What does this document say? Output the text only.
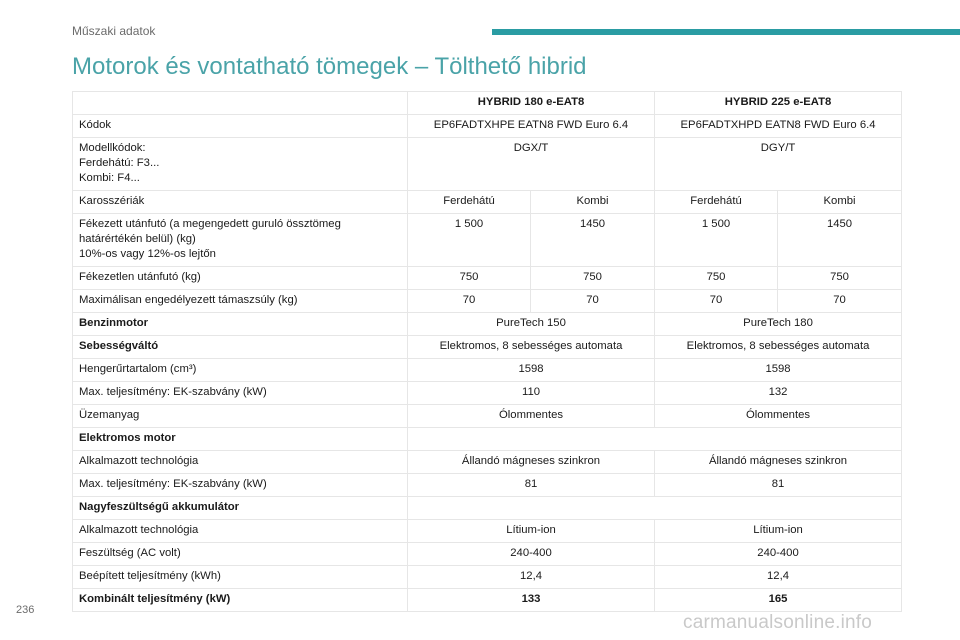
Műszaki adatok
Motorok és vontatható tömegek – Tölthető hibrid
	HYBRID 180 e-EAT8		HYBRID 225 e-EAT8	
Kódok	EP6FADTXHPE EATN8 FWD Euro 6.4		EP6FADTXHPD EATN8 FWD Euro 6.4	

Modellkódok:
Ferdehátú: F3...
Kombi: F4...	DGX/T		DGY/T	
Karosszériák	Ferdehátú	Kombi	Ferdehátú	Kombi

Fékezett utánfutó (a megengedett guruló össztömeg
határértékén belül) (kg)
10%-os vagy 12%-os lejtőn	1 500	1450	1 500	1450
Fékezetlen utánfutó (kg)	750	750	750	750
Maximálisan engedélyezett támaszsúly (kg)	70	70	70	70
Benzinmotor	PureTech 150		PureTech 180	
Sebességváltó	Elektromos, 8 sebességes automata		Elektromos, 8 sebességes automata	
Hengerűrtartalom (cm³)	1598		1598	
Max. teljesítmény: EK-szabvány (kW)	110		132	
Üzemanyag	Ólommentes		Ólommentes	
Elektromos motor				
Alkalmazott technológia	Állandó mágneses szinkron		Állandó mágneses szinkron	
Max. teljesítmény: EK-szabvány (kW)	81		81	
Nagyfeszültségű akkumulátor				
Alkalmazott technológia	Lítium-ion		Lítium-ion	
Feszültség (AC volt)	240-400		240-400	
Beépített teljesítmény (kWh)	12,4		12,4	
Kombinált teljesítmény (kW)	133		165	
236
carmanualsonline.info
